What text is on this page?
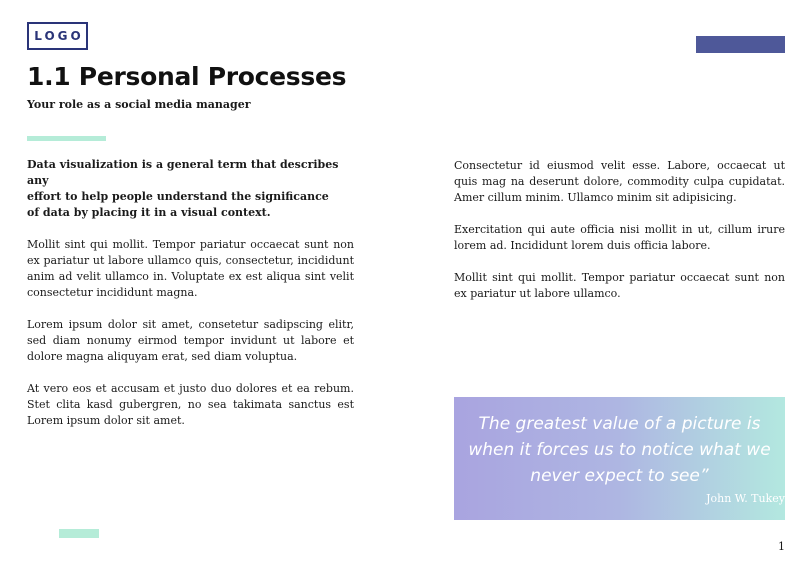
LOGO
1.1 Personal Processes

Your role as a social media manager

Data visualization is a general term that describes any
effort to help people understand the significance
of data by placing it in a visual context.

Mollit sint qui mollit. Tempor pariatur occaecat sunt non ex pariatur ut labore ullamco quis, consectetur, incididunt anim ad velit ullamco in. Voluptate ex est aliqua sint velit consectetur incididunt magna.

Lorem ipsum dolor sit amet, consetetur sadipscing elitr, sed diam nonumy eirmod tempor invidunt ut labore et dolore magna aliquyam erat, sed diam voluptua.

At vero eos et accusam et justo duo dolores et ea rebum. Stet clita kasd gubergren, no sea takimata sanctus est Lorem ipsum dolor sit amet.

Consectetur id eiusmod velit esse. Labore, occaecat ut quis mag na deserunt dolore, commodity culpa cupidatat. Amer cillum minim. Ullamco minim sit adipisicing.

Exercitation qui aute officia nisi mollit in ut, cillum irure lorem ad. Incididunt lorem duis officia labore.

Mollit sint qui mollit. Tempor pariatur occaecat sunt non ex pariatur ut labore ullamco.

The greatest value of a picture is when it forces us to notice what we never expect to see”

John W. Tukey
1
